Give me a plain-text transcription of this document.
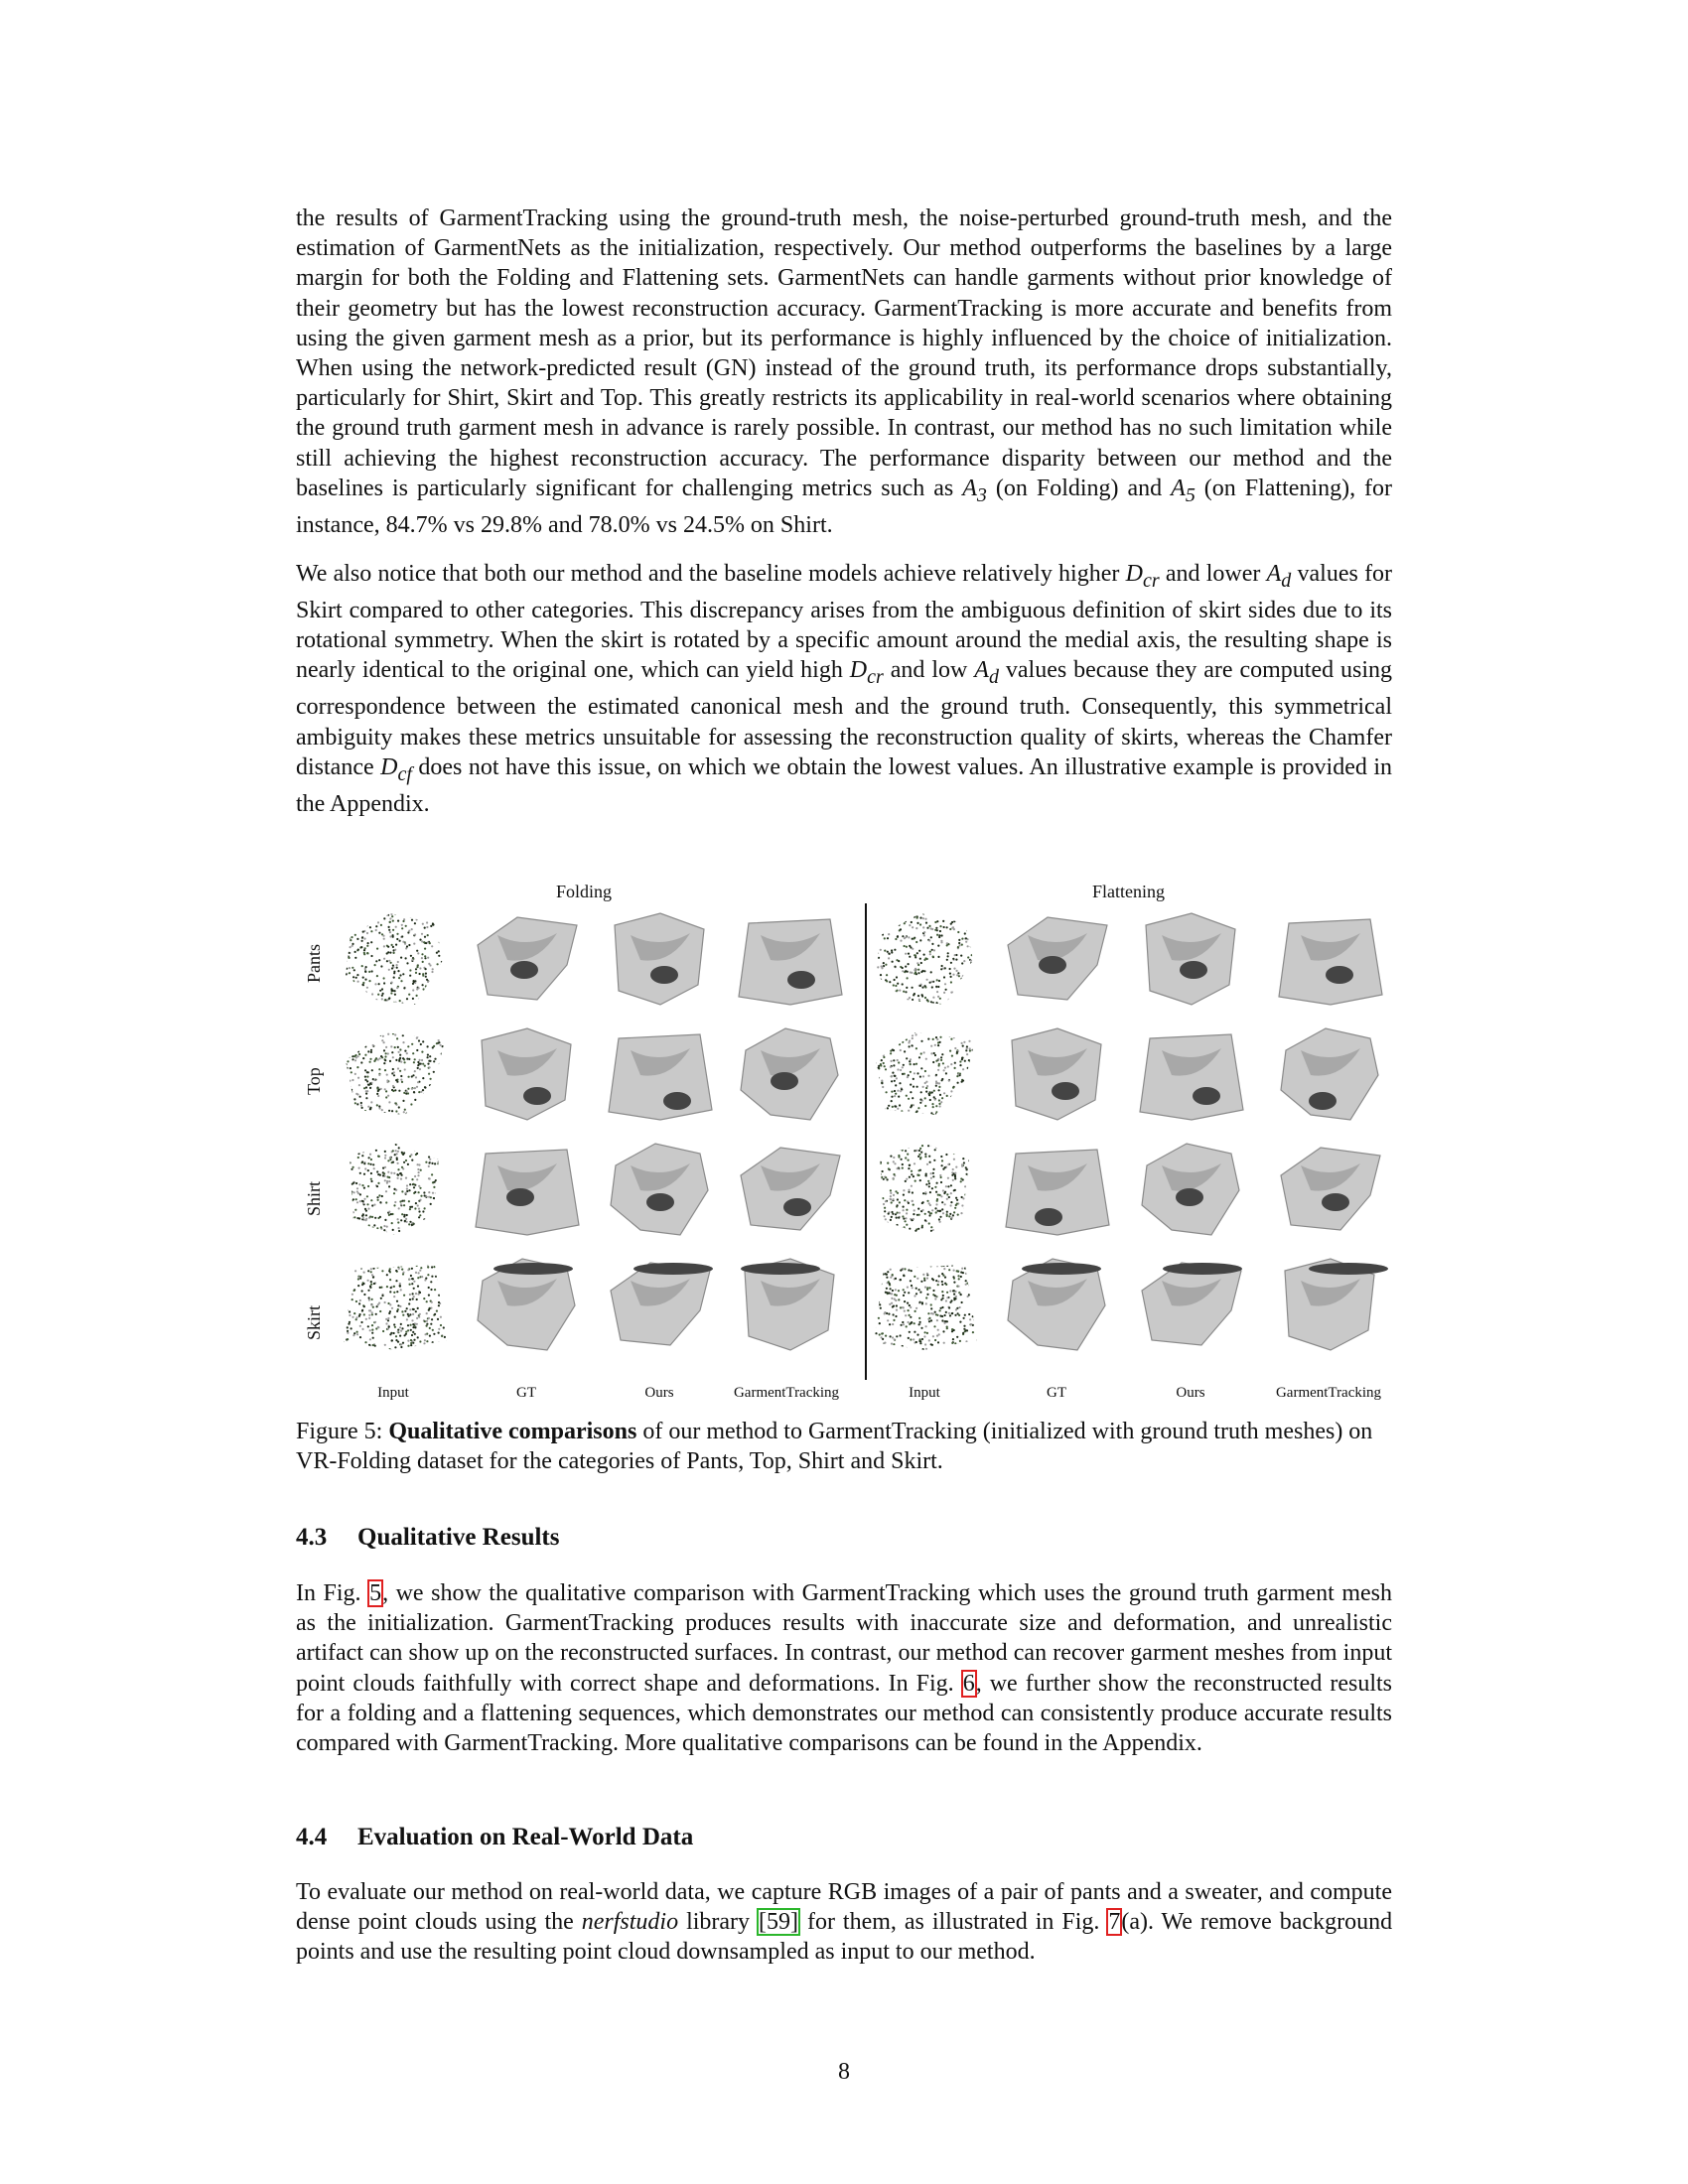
the results of GarmentTracking using the ground-truth mesh, the noise-perturbed ground-truth mesh, and the estimation of GarmentNets as the initialization, respectively. Our method outperforms the baselines by a large margin for both the Folding and Flattening sets. GarmentNets can handle garments without prior knowledge of their geometry but has the lowest reconstruction accuracy. GarmentTracking is more accurate and benefits from using the given garment mesh as a prior, but its performance is highly influenced by the choice of initialization. When using the network-predicted result (GN) instead of the ground truth, its performance drops substantially, particularly for Shirt, Skirt and Top. This greatly restricts its applicability in real-world scenarios where obtaining the ground truth garment mesh in advance is rarely possible. In contrast, our method has no such limitation while still achieving the highest reconstruction accuracy. The performance disparity between our method and the baselines is particularly significant for challenging metrics such as $A_3$ (on Folding) and $A_5$ (on Flattening), for instance, 84.7% vs 29.8% and 78.0% vs 24.5% on Shirt.

We also notice that both our method and the baseline models achieve relatively higher $D_{cr}$ and lower $A_d$ values for Skirt compared to other categories. This discrepancy arises from the ambiguous definition of skirt sides due to its rotational symmetry. When the skirt is rotated by a specific amount around the medial axis, the resulting shape is nearly identical to the original one, which can yield high $D_{cr}$ and low $A_d$ values because they are computed using correspondence between the estimated canonical mesh and the ground truth. Consequently, this symmetrical ambiguity makes these metrics unsuitable for assessing the reconstruction quality of skirts, whereas the Chamfer distance $D_{cf}$ does not have this issue, on which we obtain the lowest values. An illustrative example is provided in the Appendix.

Folding	Flattening
Pants
Top
Shirt
Skirt
Input	GT	Ours	GarmentTracking	Input	GT	Ours	GarmentTracking

Figure 5: Qualitative comparisons of our method to GarmentTracking (initialized with ground truth meshes) on VR-Folding dataset for the categories of Pants, Top, Shirt and Skirt.

4.3 Qualitative Results

In Fig. 5, we show the qualitative comparison with GarmentTracking which uses the ground truth garment mesh as the initialization. GarmentTracking produces results with inaccurate size and deformation, and unrealistic artifact can show up on the reconstructed surfaces. In contrast, our method can recover garment meshes from input point clouds faithfully with correct shape and deformations. In Fig. 6, we further show the reconstructed results for a folding and a flattening sequences, which demonstrates our method can consistently produce accurate results compared with GarmentTracking. More qualitative comparisons can be found in the Appendix.

4.4 Evaluation on Real-World Data

To evaluate our method on real-world data, we capture RGB images of a pair of pants and a sweater, and compute dense point clouds using the nerfstudio library [59] for them, as illustrated in Fig. 7(a). We remove background points and use the resulting point cloud downsampled as input to our method.

8
